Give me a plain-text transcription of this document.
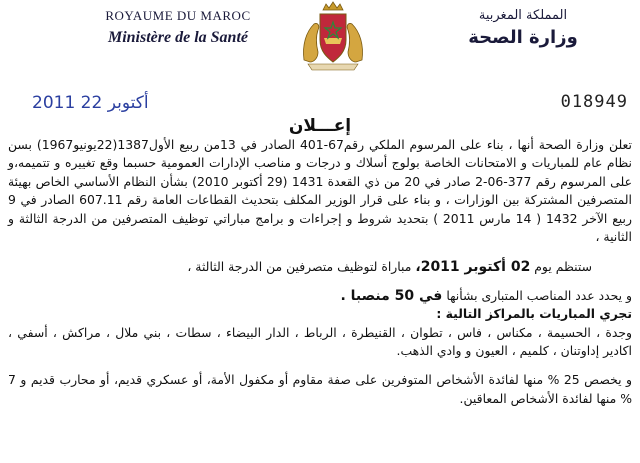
ROYAUME DU MAROC
Ministère de la Santé
المملكة المغربية
وزارة الصحة
2011 أكتوبر 22	018949
إعـــلان

تعلن وزارة الصحة أنها ، بناء على المرسوم الملكي رقم67-401 الصادر في 13من ربيع الأول1387(22يونيو1967) بسن نظام عام للمباريات و الامتحانات الخاصة بولوج أسلاك و درجات و مناصب الإدارات العمومية حسبما وقع تغييره و تتميمه،و على المرسوم رقم 377-06-2 صادر في 20 من ذي القعدة 1431 (29 أكتوبر 2010) بشأن النظام الأساسي الخاص بهيئة المتصرفين المشتركة بين الوزارات ، و بناء على قرار الوزير المكلف بتحديث القطاعات العامة رقم 607.11 الصادر في 9 ربيع الآخر 1432 ( 14 مارس 2011 ) بتحديد شروط و إجراءات و برامج مباراتي توظيف المتصرفين من الدرجة الثالثة و الثانية ،

ستنظم يوم 02 أكتوبر 2011، مباراة لتوظيف متصرفين من الدرجة الثالثة ،

و يحدد عدد المناصب المتبارى بشأنها في 50 منصبا .
تجري المباريات بالمراكز التالية :
وجدة ، الحسيمة ، مكناس ، فاس ، تطوان ، القنيطرة ، الرباط ، الدار البيضاء ، سطات ، بني ملال ، مراكش ، أسفي ، اكادير إداوتنان ، كلميم ، العيون و وادي الذهب.

و يخصص 25 % منها لفائدة الأشخاص المتوفرين على صفة مقاوم أو مكفول الأمة، أو عسكري قديم، أو محارب قديم و 7 % منها لفائدة الأشخاص المعاقين.
